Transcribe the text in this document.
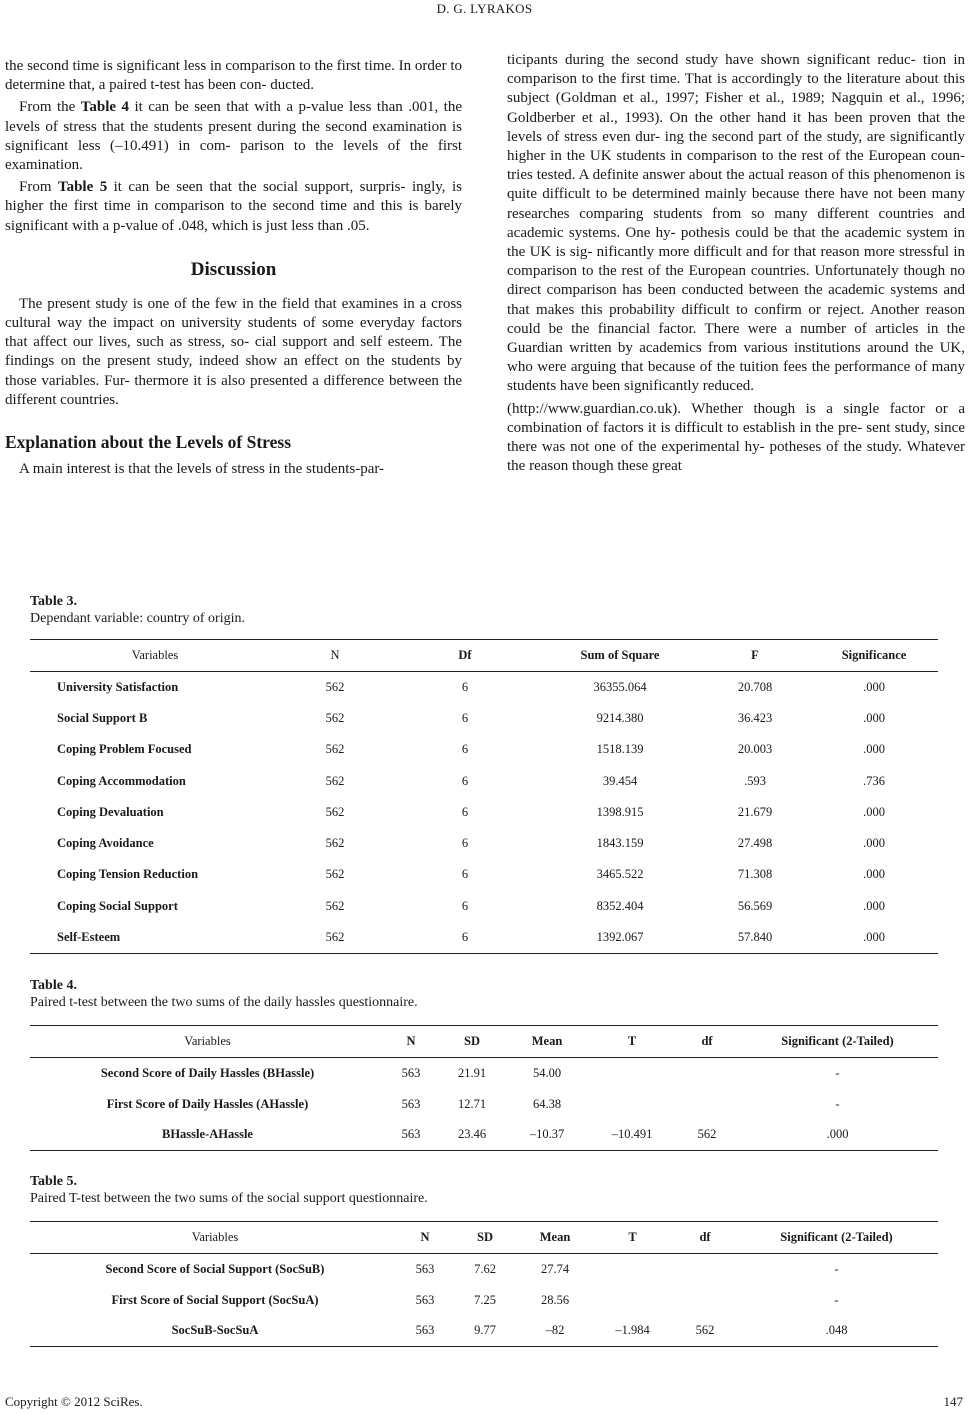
D. G. LYRAKOS

the second time is significant less in comparison to the first time. In order to determine that, a paired t-test has been con- ducted.

From the Table 4 it can be seen that with a p-value less than .001, the levels of stress that the students present during the second examination is significant less (–10.491) in com- parison to the levels of the first examination.

From Table 5 it can be seen that the social support, surpris- ingly, is higher the first time in comparison to the second time and this is barely significant with a p-value of .048, which is just less than .05.

Discussion

The present study is one of the few in the field that examines in a cross cultural way the impact on university students of some everyday factors that affect our lives, such as stress, so- cial support and self esteem. The findings on the present study, indeed show an effect on the students by those variables. Fur- thermore it is also presented a difference between the different countries.

Explanation about the Levels of Stress

A main interest is that the levels of stress in the students-par-

ticipants during the second study have shown significant reduc- tion in comparison to the first time. That is accordingly to the literature about this subject (Goldman et al., 1997; Fisher et al., 1989; Nagquin et al., 1996; Goldberber et al., 1993). On the other hand it has been proven that the levels of stress even dur- ing the second part of the study, are significantly higher in the UK students in comparison to the rest of the European coun- tries tested. A definite answer about the actual reason of this phenomenon is quite difficult to be determined mainly because there have not been many researches comparing students from so many different countries and academic systems. One hy- pothesis could be that the academic system in the UK is sig- nificantly more difficult and for that reason more stressful in comparison to the rest of the European countries. Unfortunately though no direct comparison has been conducted between the academic systems and that makes this probability difficult to confirm or reject. Another reason could be the financial factor. There were a number of articles in the Guardian written by academics from various institutions around the UK, who were arguing that because of the tuition fees the performance of many students have been significantly reduced.

(http://www.guardian.co.uk). Whether though is a single factor or a combination of factors it is difficult to establish in the pre- sent study, since there was not one of the experimental hy- potheses of the study. Whatever the reason though these great

Table 3.
Dependant variable: country of origin.
Variables	N	Df	Sum of Square	F	Significance
University Satisfaction	562	6	36355.064	20.708	.000
Social Support B	562	6	9214.380	36.423	.000
Coping Problem Focused	562	6	1518.139	20.003	.000
Coping Accommodation	562	6	39.454	.593	.736
Coping Devaluation	562	6	1398.915	21.679	.000
Coping Avoidance	562	6	1843.159	27.498	.000
Coping Tension Reduction	562	6	3465.522	71.308	.000
Coping Social Support	562	6	8352.404	56.569	.000
Self-Esteem	562	6	1392.067	57.840	.000
Table 4.
Paired t-test between the two sums of the daily hassles questionnaire.
Variables	N	SD	Mean	T	df	Significant (2-Tailed)
Second Score of Daily Hassles (BHassle)	563	21.91	54.00			-
First Score of Daily Hassles (AHassle)	563	12.71	64.38			-
BHassle-AHassle	563	23.46	–10.37	–10.491	562	.000
Table 5.
Paired T-test between the two sums of the social support questionnaire.
Variables	N	SD	Mean	T	df	Significant (2-Tailed)
Second Score of Social Support (SocSuB)	563	7.62	27.74			-
First Score of Social Support (SocSuA)	563	7.25	28.56			-
SocSuB-SocSuA	563	9.77	–82	–1.984	562	.048
Copyright © 2012 SciRes.	147
